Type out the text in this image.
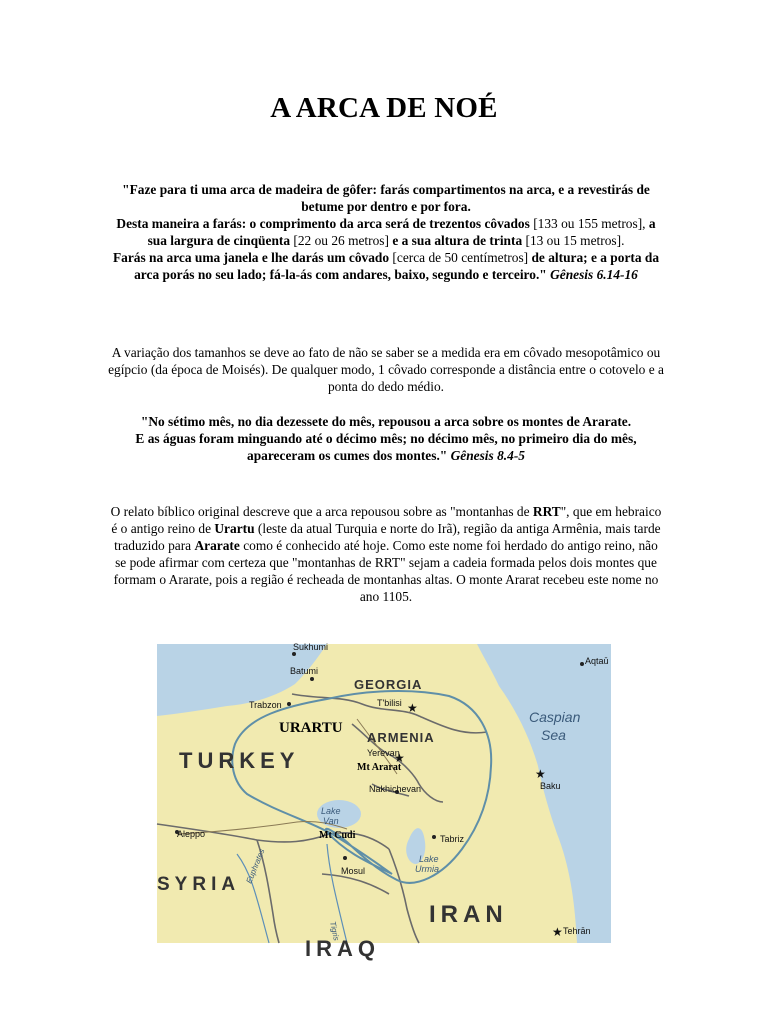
A ARCA DE NOÉ
"Faze para ti uma arca de madeira de gôfer: farás compartimentos na arca, e a revestirás de betume por dentro e por fora.
Desta maneira a farás: o comprimento da arca será de trezentos côvados [133 ou 155 metros], a sua largura de cinqüenta [22 ou 26 metros] e a sua altura de trinta [13 ou 15 metros].
Farás na arca uma janela e lhe darás um côvado [cerca de 50 centímetros] de altura; e a porta da arca porás no seu lado; fá-la-ás com andares, baixo, segundo e terceiro." Gênesis 6.14-16
A variação dos tamanhos se deve ao fato de não se saber se a medida era em côvado mesopotâmico ou egípcio (da época de Moisés). De qualquer modo, 1 côvado corresponde a distância entre o cotovelo e a ponta do dedo médio.
"No sétimo mês, no dia dezessete do mês, repousou a arca sobre os montes de Ararate.
E as águas foram minguando até o décimo mês; no décimo mês, no primeiro dia do mês, apareceram os cumes dos montes." Gênesis 8.4-5
O relato bíblico original descreve que a arca repousou sobre as "montanhas de RRT", que em hebraico é o antigo reino de Urartu (leste da atual Turquia e norte do Irã), região da antiga Armênia, mais tarde traduzido para Ararate como é conhecido até hoje. Como este nome foi herdado do antigo reino, não se pode afirmar com certeza que "montanhas de RRT" sejam a cadeia formada pelos dois montes que formam o Ararate, pois a região é recheada de montanhas altas. O monte Ararat recebeu este nome no ano 1105.
TURKEY
GEORGIA
ARMENIA
SYRIA
IRAN
IRAQ
Caspian
Sea
Lake
Van
Lake
Urmia
Euphrates
Tigris
Sukhumi
Batumi
Trabzon	★
T'bilisi
★
Yerevan
Nakhichevan
Tabriz
★
Baku
Aleppo
Mosul
★ Tehrān
Aqtaū
URARTU
Mt Ararat
Mt Cudi
